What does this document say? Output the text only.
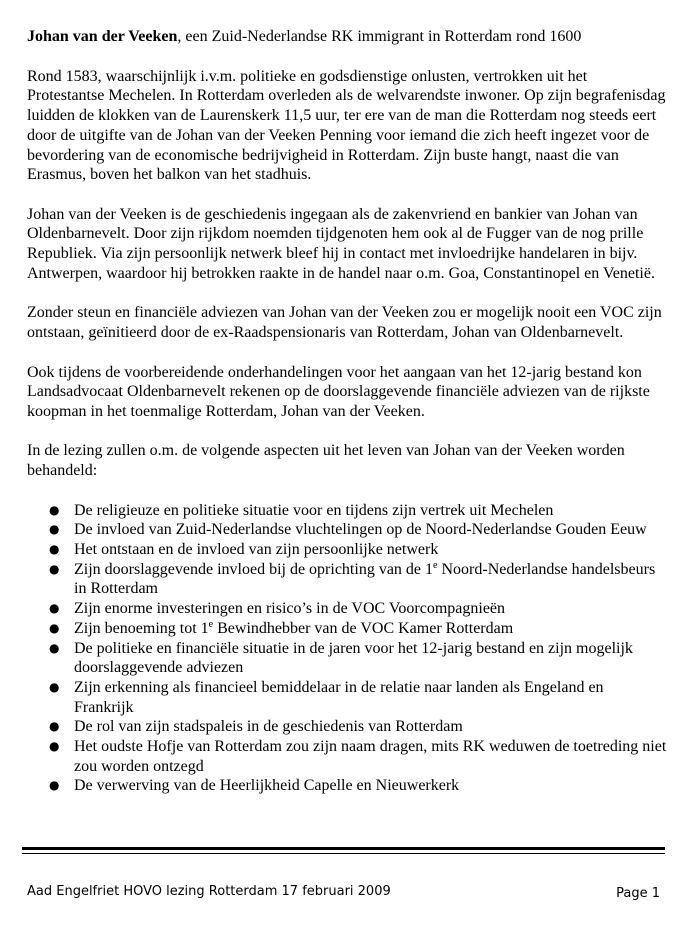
Johan van der Veeken, een Zuid-Nederlandse RK immigrant in Rotterdam rond 1600

Rond 1583, waarschijnlijk i.v.m. politieke en godsdienstige onlusten, vertrokken uit het Protestantse Mechelen. In Rotterdam overleden als de welvarendste inwoner. Op zijn begrafenisdag luidden de klokken van de Laurenskerk 11,5 uur, ter ere van de man die Rotterdam nog steeds eert door de uitgifte van de Johan van der Veeken Penning voor iemand die zich heeft ingezet voor de bevordering van de economische bedrijvigheid in Rotterdam. Zijn buste hangt, naast die van Erasmus, boven het balkon van het stadhuis.

Johan van der Veeken is de geschiedenis ingegaan als de zakenvriend en bankier van Johan van Oldenbarnevelt. Door zijn rijkdom noemden tijdgenoten hem ook al de Fugger van de nog prille Republiek. Via zijn persoonlijk netwerk bleef hij in contact met invloedrijke handelaren in bijv. Antwerpen, waardoor hij betrokken raakte in de handel naar o.m. Goa, Constantinopel en Venetië.

Zonder steun en financiële adviezen van Johan van der Veeken zou er mogelijk nooit een VOC zijn ontstaan, geïnitieerd door de ex-Raadspensionaris van Rotterdam, Johan van Oldenbarnevelt.

Ook tijdens de voorbereidende onderhandelingen voor het aangaan van het 12-jarig bestand kon Landsadvocaat Oldenbarnevelt rekenen op de doorslaggevende financiële adviezen van de rijkste koopman in het toenmalige Rotterdam, Johan van der Veeken.

In de lezing zullen o.m. de volgende aspecten uit het leven van Johan van der Veeken worden behandeld:

● De religieuze en politieke situatie voor en tijdens zijn vertrek uit Mechelen
● De invloed van Zuid-Nederlandse vluchtelingen op de Noord-Nederlandse Gouden Eeuw
● Het ontstaan en de invloed van zijn persoonlijke netwerk
● Zijn doorslaggevende invloed bij de oprichting van de 1e Noord-Nederlandse handelsbeurs in Rotterdam
● Zijn enorme investeringen en risico’s in de VOC Voorcompagnieën
● Zijn benoeming tot 1e Bewindhebber van de VOC Kamer Rotterdam
● De politieke en financiële situatie in de jaren voor het 12-jarig bestand en zijn mogelijk doorslaggevende adviezen
● Zijn erkenning als financieel bemiddelaar in de relatie naar landen als Engeland en Frankrijk
● De rol van zijn stadspaleis in de geschiedenis van Rotterdam
● Het oudste Hofje van Rotterdam zou zijn naam dragen, mits RK weduwen de toetreding niet zou worden ontzegd
● De verwerving van de Heerlijkheid Capelle en Nieuwerkerk
Aad Engelfriet HOVO lezing Rotterdam 17 februari 2009	Page 1
